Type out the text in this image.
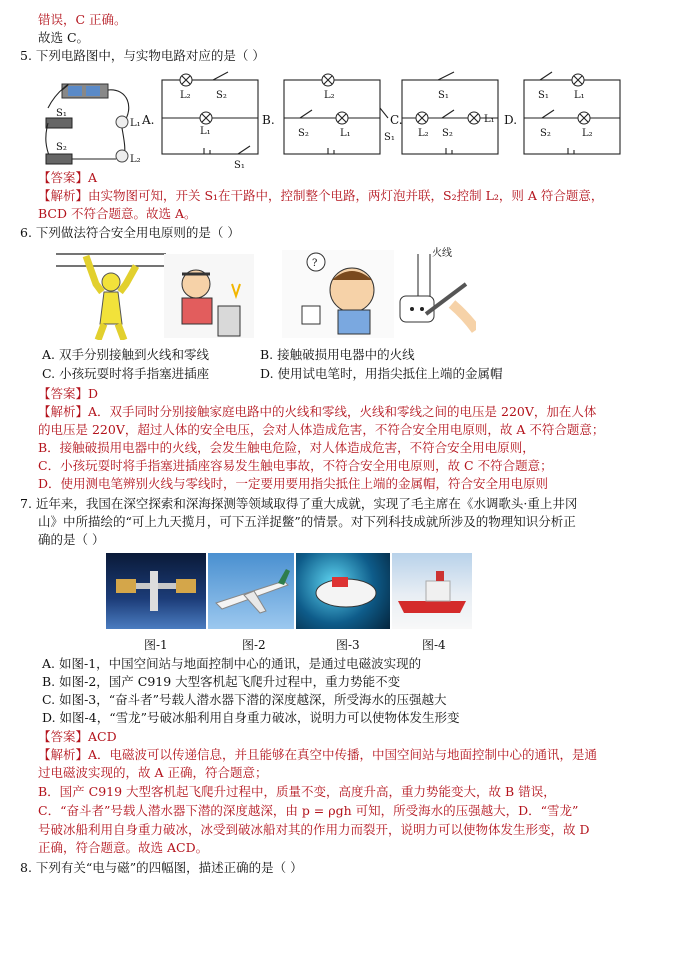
错误，C 正确。
故选 C。
5. 下列电路图中，与实物电路对应的是（ ）
S₁
L₁
S₂
L₂
A.
L₂	S₂
L₁
S₁
B.
L₂
S₂	L₁	S₁
C.
S₁
L₂ S₂
L₁ D.
S₁	L₁
S₂	L₂
【答案】A
【解析】由实物图可知，开关 S₁在干路中，控制整个电路，两灯泡并联，S₂控制 L₂，则 A 符合题意，
BCD 不符合题意。故选 A。
6. 下列做法符合安全用电原则的是（ ）
?
火线
A. 双手分别接触到火线和零线	B. 接触破损用电器中的火线
C. 小孩玩耍时将手指塞进插座	D. 使用试电笔时，用指尖抵住上端的金属帽
【答案】D
【解析】A．双手同时分别接触家庭电路中的火线和零线，火线和零线之间的电压是 220V，加在人体
的电压是 220V，超过人体的安全电压，会对人体造成危害，不符合安全用电原则，故 A 不符合题意；
B．接触破损用电器中的火线，会发生触电危险，对人体造成危害，不符合安全用电原则，
C．小孩玩耍时将手指塞进插座容易发生触电事故，不符合安全用电原则，故 C 不符合题意；
D．使用测电笔辨别火线与零线时，一定要用要用指尖抵住上端的金属帽，符合安全用电原则
7. 近年来，我国在深空探索和深海探测等领域取得了重大成就，实现了毛主席在《水调歌头·重上井冈
山》中所描绘的“可上九天揽月，可下五洋捉鳖”的情景。对下列科技成就所涉及的物理知识分析正
确的是（ ）
图-1	图-2	图-3	图-4
A. 如图-1，中国空间站与地面控制中心的通讯，是通过电磁波实现的
B. 如图-2，国产 C919 大型客机起飞爬升过程中，重力势能不变
C. 如图-3，“奋斗者”号载人潜水器下潜的深度越深，所受海水的压强越大
D. 如图-4，“雪龙”号破冰船利用自身重力破冰，说明力可以使物体发生形变
【答案】ACD
【解析】A．电磁波可以传递信息，并且能够在真空中传播，中国空间站与地面控制中心的通讯，是通
过电磁波实现的，故 A 正确，符合题意；
B．国产 C919 大型客机起飞爬升过程中，质量不变，高度升高，重力势能变大，故 B 错误，
C．“奋斗者”号载人潜水器下潜的深度越深，由 p = ρgh 可知，所受海水的压强越大，D．“雪龙”
号破冰船利用自身重力破冰，冰受到破冰船对其的作用力而裂开，说明力可以使物体发生形变，故 D
正确，符合题意。故选 ACD。
8. 下列有关“电与磁”的四幅图，描述正确的是（ ）
